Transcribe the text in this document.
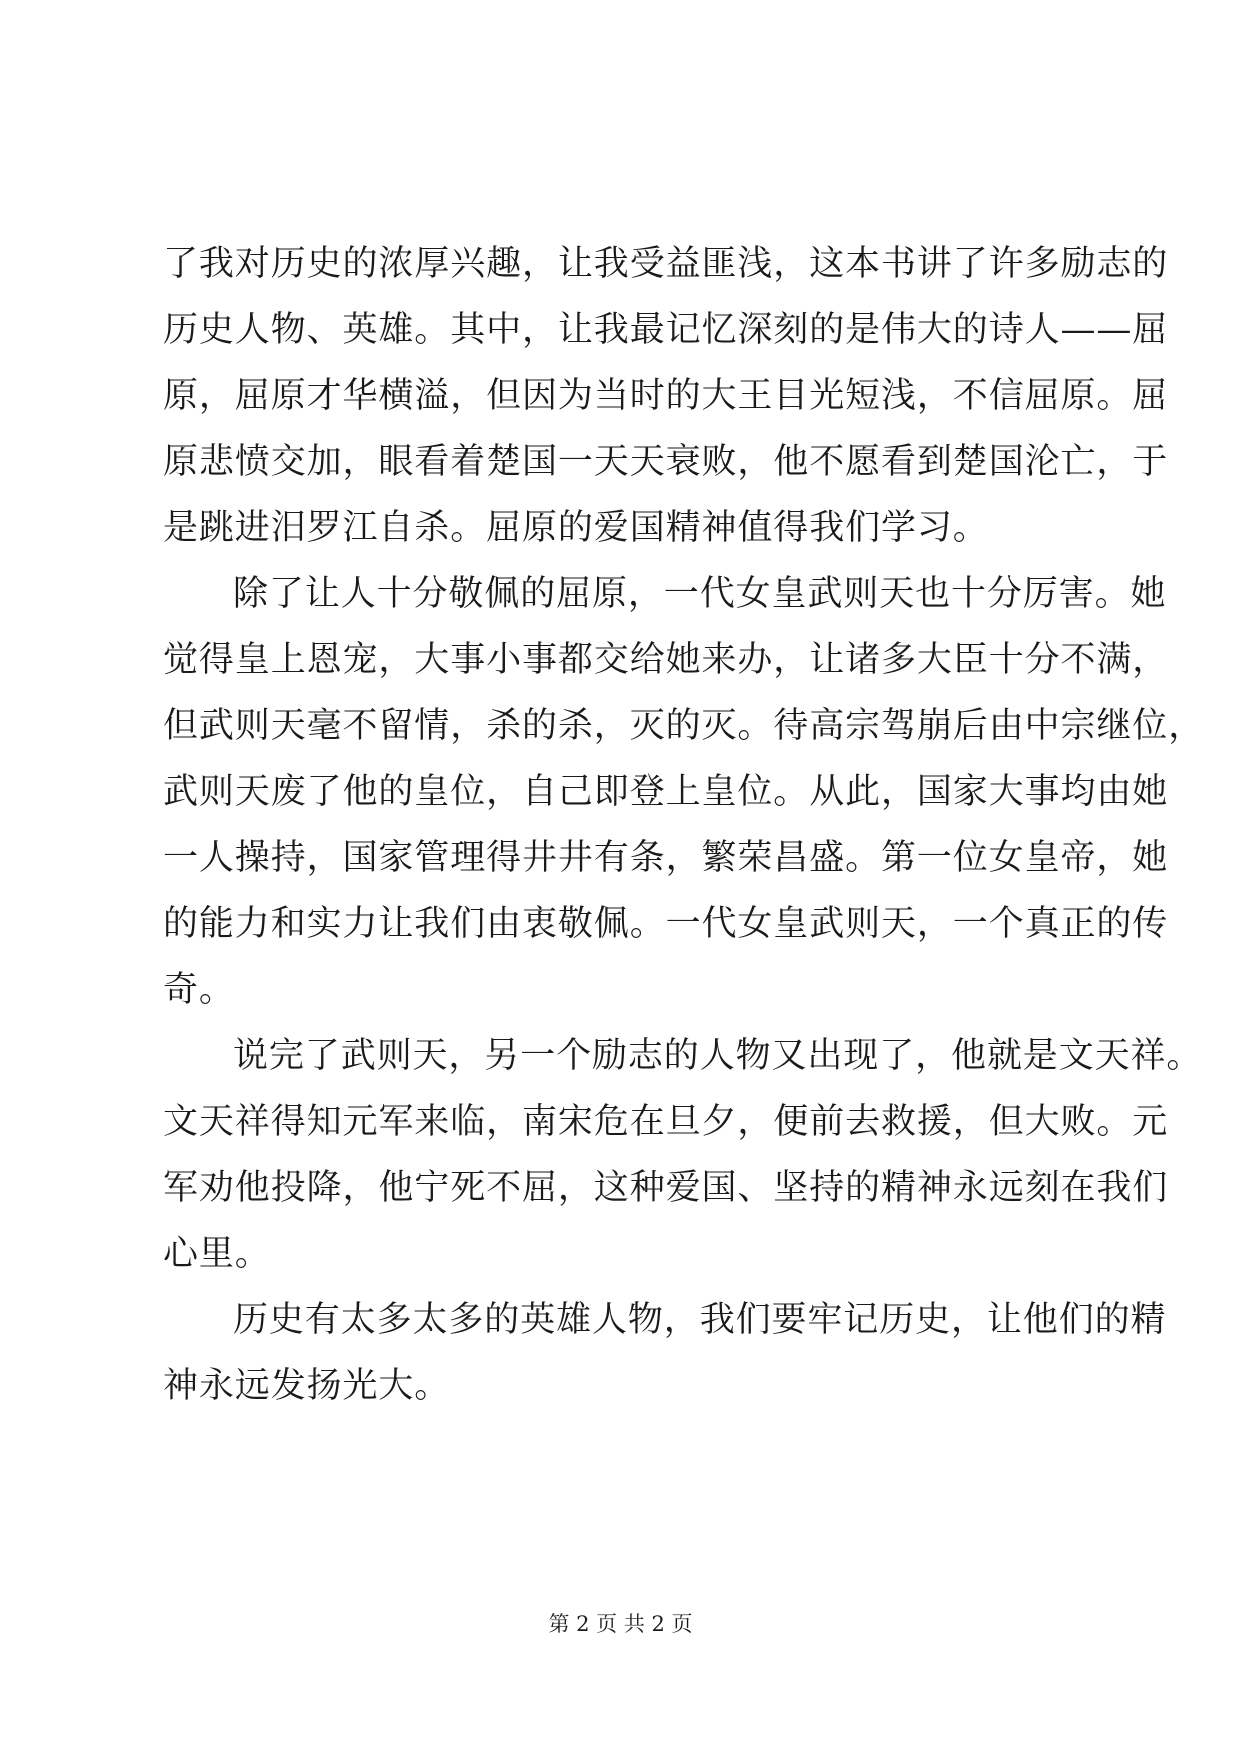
了我对历史的浓厚兴趣，让我受益匪浅，这本书讲了许多励志的
历史人物、英雄。其中，让我最记忆深刻的是伟大的诗人——屈
原，屈原才华横溢，但因为当时的大王目光短浅，不信屈原。屈
原悲愤交加，眼看着楚国一天天衰败，他不愿看到楚国沦亡，于
是跳进汨罗江自杀。屈原的爱国精神值得我们学习。
除了让人十分敬佩的屈原，一代女皇武则天也十分厉害。她
觉得皇上恩宠，大事小事都交给她来办，让诸多大臣十分不满，
但武则天毫不留情，杀的杀，灭的灭。待高宗驾崩后由中宗继位，
武则天废了他的皇位，自己即登上皇位。从此，国家大事均由她
一人操持，国家管理得井井有条，繁荣昌盛。第一位女皇帝，她
的能力和实力让我们由衷敬佩。一代女皇武则天，一个真正的传
奇。
说完了武则天，另一个励志的人物又出现了，他就是文天祥。
文天祥得知元军来临，南宋危在旦夕，便前去救援，但大败。元
军劝他投降，他宁死不屈，这种爱国、坚持的精神永远刻在我们
心里。
历史有太多太多的英雄人物，我们要牢记历史，让他们的精
神永远发扬光大。
第 2 页 共 2 页
